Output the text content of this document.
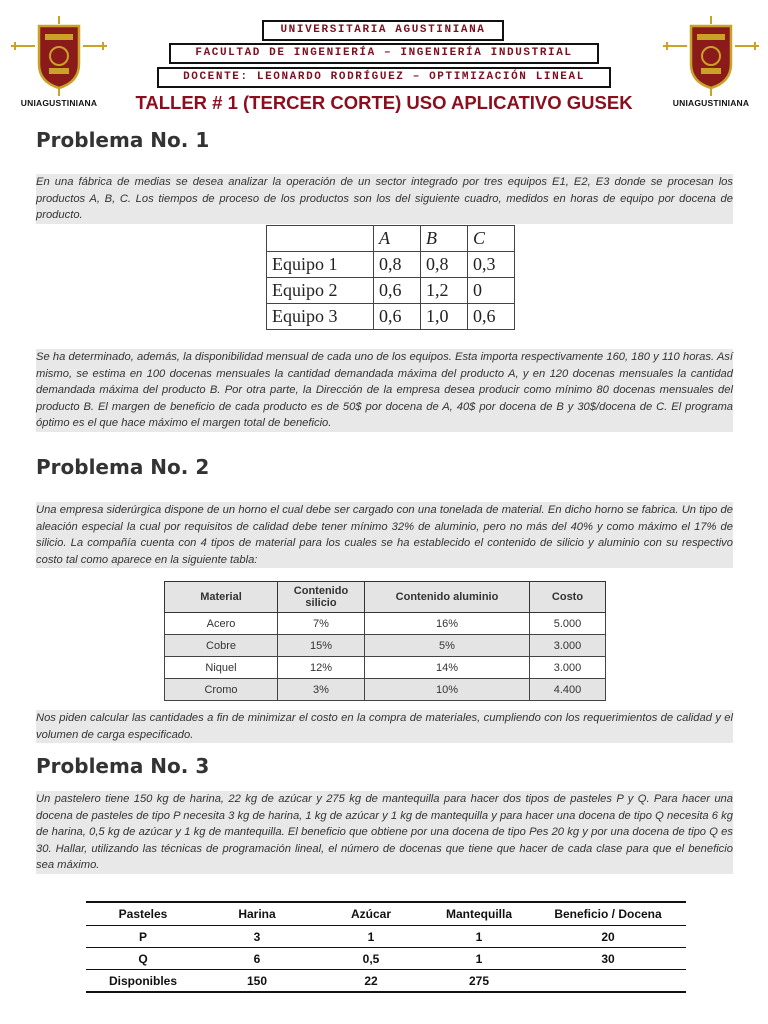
UNIAGUSTINIANA	UNIAGUSTINIANA
UNIVERSITARIA AGUSTINIANA
FACULTAD DE INGENIERÍA – INGENIERÍA INDUSTRIAL
DOCENTE: LEONARDO RODRÍGUEZ – OPTIMIZACIÓN LINEAL
TALLER # 1 (TERCER CORTE) USO APLICATIVO GUSEK
Problema No. 1

En una fábrica de medias se desea analizar la operación de un sector integrado por tres equipos E1, E2, E3 donde se procesan los productos A, B, C. Los tiempos de proceso de los productos son los del siguiente cuadro, medidos en horas de equipo por docena de producto.

	A	B	C
Equipo 1	0,8	0,8	0,3
Equipo 2	0,6	1,2	0
Equipo 3	0,6	1,0	0,6

Se ha determinado, además, la disponibilidad mensual de cada uno de los equipos. Esta importa respectivamente 160, 180 y 110 horas. Así mismo, se estima en 100 docenas mensuales la cantidad demandada máxima del producto A, y en 120 docenas mensuales la cantidad demandada máxima del producto B. Por otra parte, la Dirección de la empresa desea producir como mínimo 80 docenas mensuales del producto B. El margen de beneficio de cada producto es de 50$ por docena de A, 40$ por docena de B y 30$/docena de C. El programa óptimo es el que hace máximo el margen total de beneficio.

Problema No. 2

Una empresa siderúrgica dispone de un horno el cual debe ser cargado con una tonelada de material. En dicho horno se fabrica. Un tipo de aleación especial la cual por requisitos de calidad debe tener mínimo 32% de aluminio, pero no más del 40% y como máximo el 17% de silicio. La compañía cuenta con 4 tipos de material para los cuales se ha establecido el contenido de silicio y aluminio con su respectivo costo tal como aparece en la siguiente tabla:

Material	Contenido silicio	Contenido aluminio	Costo
Acero	7%	16%	5.000
Cobre	15%	5%	3.000
Niquel	12%	14%	3.000
Cromo	3%	10%	4.400

Nos piden calcular las cantidades a fin de minimizar el costo en la compra de materiales, cumpliendo con los requerimientos de calidad y el volumen de carga especificado.

Problema No. 3

Un pastelero tiene 150 kg de harina, 22 kg de azúcar y 275 kg de mantequilla para hacer dos tipos de pasteles P y Q. Para hacer una docena de pasteles de tipo P necesita 3 kg de harina, 1 kg de azúcar y 1 kg de mantequilla y para hacer una docena de tipo Q necesita 6 kg de harina, 0,5 kg de azúcar y 1 kg de mantequilla. El beneficio que obtiene por una docena de tipo Pes 20 kg y por una docena de tipo Q es 30. Hallar, utilizando las técnicas de programación lineal, el número de docenas que tiene que hacer de cada clase para que el beneficio sea máximo.

Pasteles	Harina	Azúcar	Mantequilla	Beneficio / Docena
P	3	1	1	20
Q	6	0,5	1	30
Disponibles	150	22	275	
